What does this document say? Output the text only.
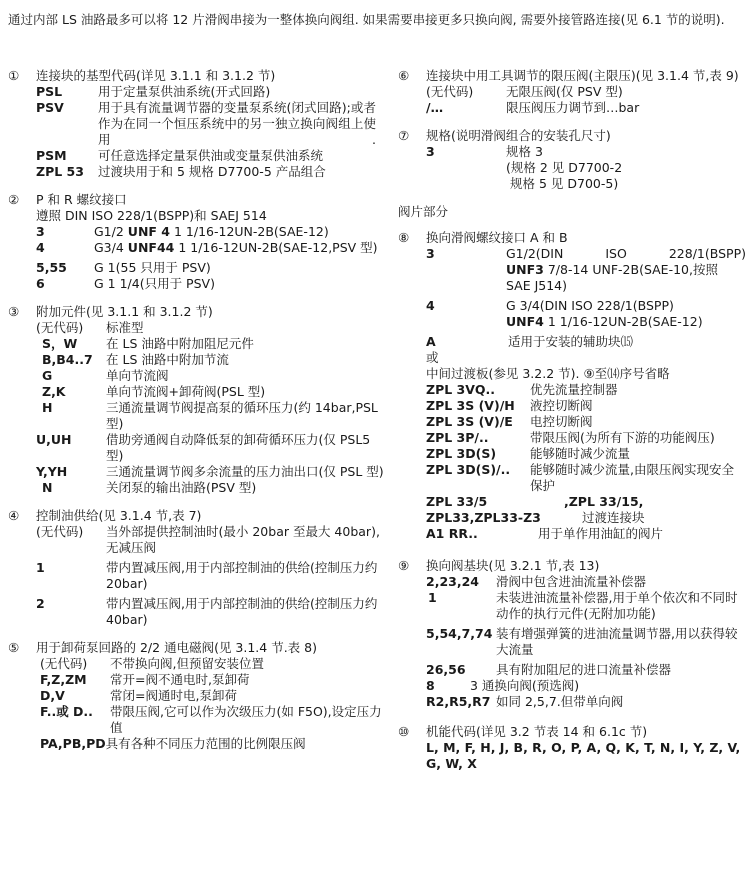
通过内部 LS 油路最多可以将 12 片滑阀串接为一整体换向阀组. 如果需要串接更多只换向阀, 需要外接管路连接(见 6.1 节的说明).
①	连接块的基型代码(详见 3.1.1 和 3.1.2 节)
PSL	用于定量泵供油系统(开式回路)
PSV	用于具有流量调节器的变量泵系统(闭式回路);或者作为在同一个恒压系统中的另一独立换向阀组上使用.
PSM	可任意选择定量泵供油或变量泵供油系统
ZPL 53	过渡块用于和 5 规格 D7700-5 产品组合
②	P 和 R 螺纹接口
遵照 DIN ISO 228/1(BSPP)和 SAEJ 514
3	G1/2 UNF 4 1 1/16-12UN-2B(SAE-12)
4	G3/4 UNF44 1 1/16-12UN-2B(SAE-12,PSV 型)
5,55	G 1(55 只用于 PSV)
6	G 1 1/4(只用于 PSV)
③	附加元件(见 3.1.1 和 3.1.2 节)
(无代码)	标准型
S，W	在 LS 油路中附加阻尼元件
B,B4..7	在 LS 油路中附加节流
G	单向节流阀
Z,K	单向节流阀+卸荷阀(PSL 型)
H	三通流量调节阀提高泵的循环压力(约 14bar,PSL 型)
U,UH	借助旁通阀自动降低泵的卸荷循环压力(仅 PSL5 型)
Y,YH	三通流量调节阀多余流量的压力油出口(仅 PSL 型)
N	关闭泵的输出油路(PSV 型)
④	控制油供给(见 3.1.4 节,表 7)
(无代码)	当外部提供控制油时(最小 20bar 至最大 40bar),无减压阀
1	带内置减压阀,用于内部控制油的供给(控制压力约 20bar)
2	带内置减压阀,用于内部控制油的供给(控制压力约 40bar)
⑤	用于卸荷泵回路的 2/2 通电磁阀(见 3.1.4 节.表 8)
(无代码)	不带换向阀,但预留安装位置
F,Z,ZM	常开=阀不通电时,泵卸荷
D,V	常闭=阀通时电,泵卸荷
F..或 D..	带限压阀,它可以作为次级压力(如 F5O),设定压力值
PA,PB,PD 具有各种不同压力范围的比例限压阀
⑥	连接块中用工具调节的限压阀(主限压)(见 3.1.4 节,表 9)
(无代码)	无限压阀(仅 PSV 型)
/…	限压阀压力调节到…bar
⑦	规格(说明滑阀组合的安装孔尺寸)
3	规格 3
(规格 2 见 D7700-2
规格 5 见 D700-5)
阀片部分
⑧	换向滑阀螺纹接口 A 和 B
3	G1/2(DIN ISO 228/1(BSPP)
UNF3 7/8-14 UNF-2B(SAE-10,按照 SAE J514)
4	G 3/4(DIN ISO 228/1(BSPP)
UNF4 1 1/16-12UN-2B(SAE-12)
A	适用于安装的辅助块⒂
或
中间过渡板(参见 3.2.2 节). ⑨至⒁序号省略
ZPL 3VQ..	优先流量控制器
ZPL 3S (V)/H	液控切断阀
ZPL 3S (V)/E	电控切断阀
ZPL 3P/..	带限压阀(为所有下游的功能阀压)
ZPL 3D(S)	能够随时减少流量
ZPL 3D(S)/..	能够随时减少流量,由限压阀实现安全保护
ZPL 33/5	,ZPL 33/15,
ZPL33,ZPL33-Z3	过渡连接块
A1 RR..	用于单作用油缸的阀片
⑨	换向阀基块(见 3.2.1 节,表 13)
2,23,24	滑阀中包含进油流量补偿器
1	未装进油流量补偿器,用于单个依次和不同时动作的执行元件(无附加功能)
5,54,7,74 装有增强弹簧的进油流量调节器,用以获得较大流量
26,56	具有附加阻尼的进口流量补偿器
8	3 通换向阀(预选阀)
R2,R5,R7 如同 2,5,7.但带单向阀
⑩	机能代码(详见 3.2 节表 14 和 6.1c 节)
L, M, F, H, J, B, R, O, P, A, Q, K, T, N, I, Y, Z, V, G, W, X
